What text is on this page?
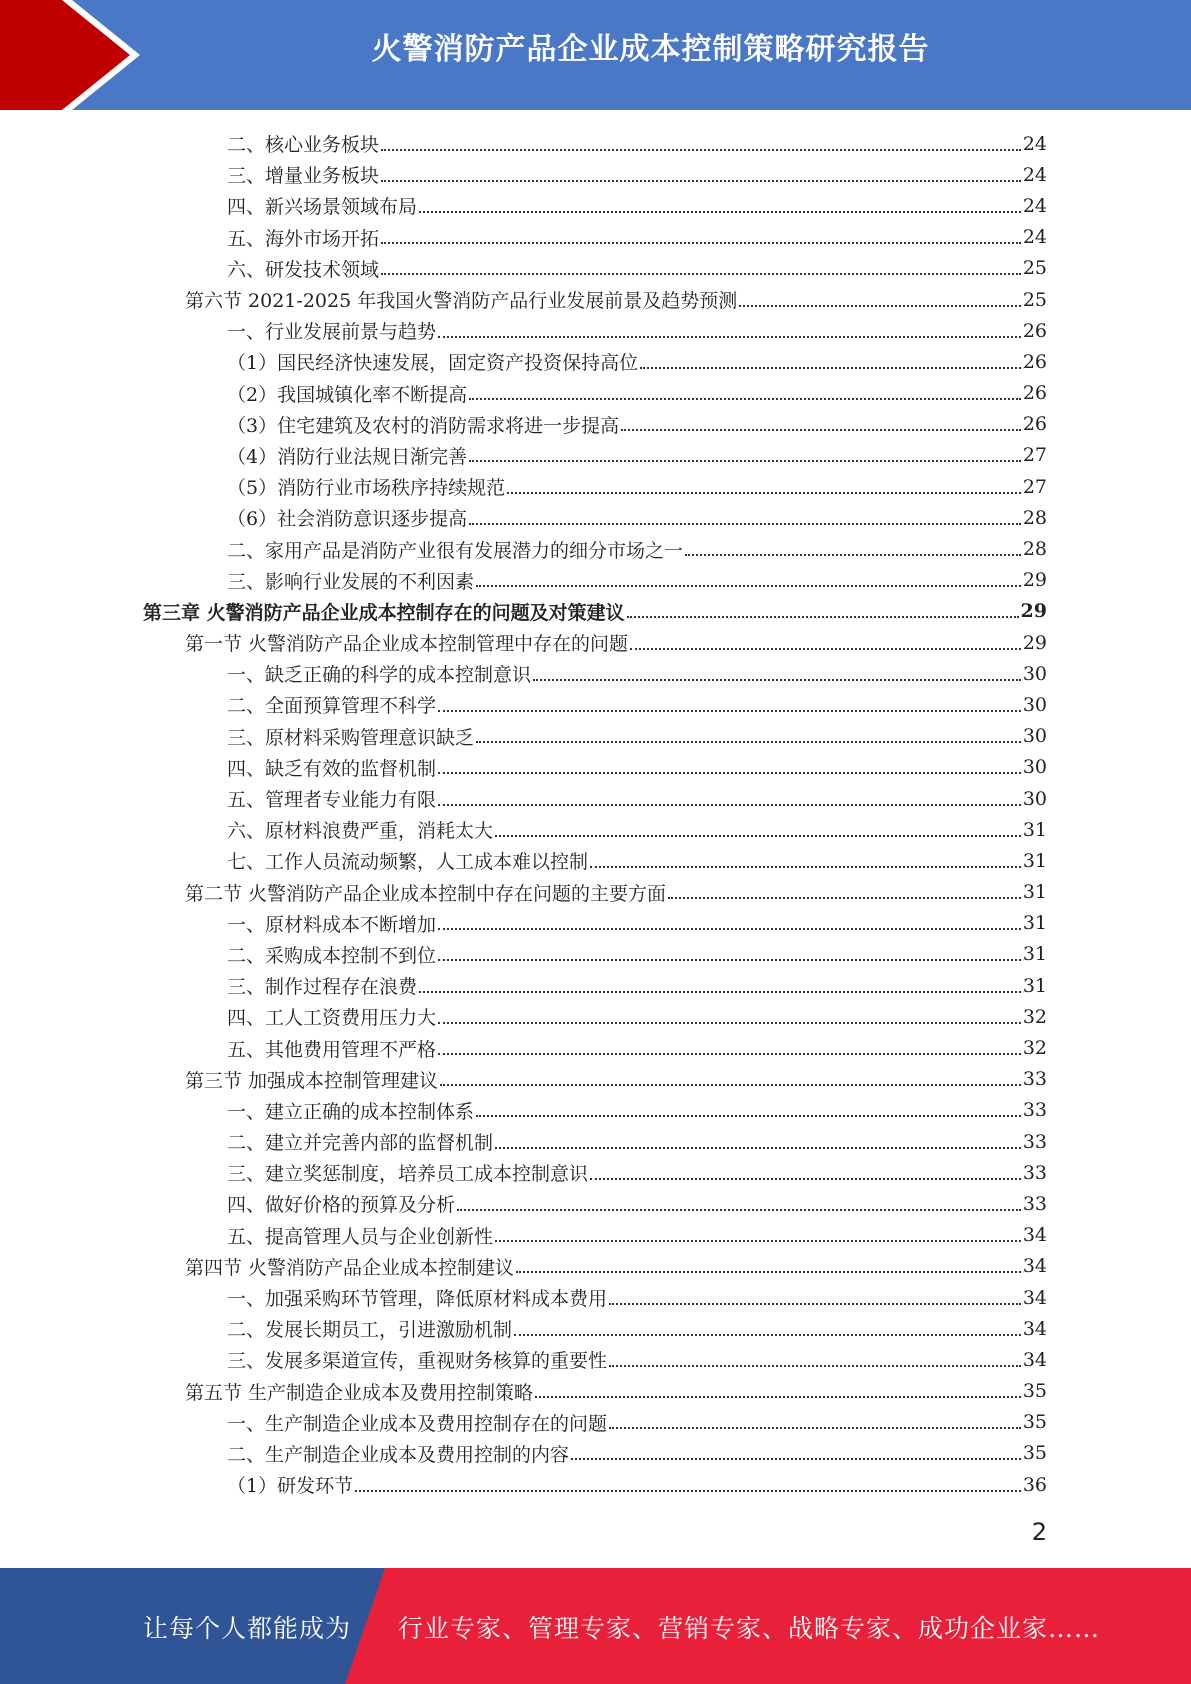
火警消防产品企业成本控制策略研究报告
二、核心业务板块	24
三、增量业务板块	24
四、新兴场景领域布局	24
五、海外市场开拓	24
六、研发技术领域	25
第六节 2021-2025 年我国火警消防产品行业发展前景及趋势预测	25
一、行业发展前景与趋势	26
（1）国民经济快速发展，固定资产投资保持高位	26
（2）我国城镇化率不断提高	26
（3）住宅建筑及农村的消防需求将进一步提高	26
（4）消防行业法规日渐完善	27
（5）消防行业市场秩序持续规范	27
（6）社会消防意识逐步提高	28
二、家用产品是消防产业很有发展潜力的细分市场之一	28
三、影响行业发展的不利因素	29
第三章 火警消防产品企业成本控制存在的问题及对策建议	29
第一节 火警消防产品企业成本控制管理中存在的问题	29
一、缺乏正确的科学的成本控制意识	30
二、全面预算管理不科学	30
三、原材料采购管理意识缺乏	30
四、缺乏有效的监督机制	30
五、管理者专业能力有限	30
六、原材料浪费严重，消耗太大	31
七、工作人员流动频繁，人工成本难以控制	31
第二节 火警消防产品企业成本控制中存在问题的主要方面	31
一、原材料成本不断增加	31
二、采购成本控制不到位	31
三、制作过程存在浪费	31
四、工人工资费用压力大	32
五、其他费用管理不严格	32
第三节 加强成本控制管理建议	33
一、建立正确的成本控制体系	33
二、建立并完善内部的监督机制	33
三、建立奖惩制度，培养员工成本控制意识	33
四、做好价格的预算及分析	33
五、提高管理人员与企业创新性	34
第四节 火警消防产品企业成本控制建议	34
一、加强采购环节管理，降低原材料成本费用	34
二、发展长期员工，引进激励机制	34
三、发展多渠道宣传，重视财务核算的重要性	34
第五节 生产制造企业成本及费用控制策略	35
一、生产制造企业成本及费用控制存在的问题	35
二、生产制造企业成本及费用控制的内容	35
（1）研发环节	36
2
让每个人都能成为 行业专家、管理专家、营销专家、战略专家、成功企业家……
